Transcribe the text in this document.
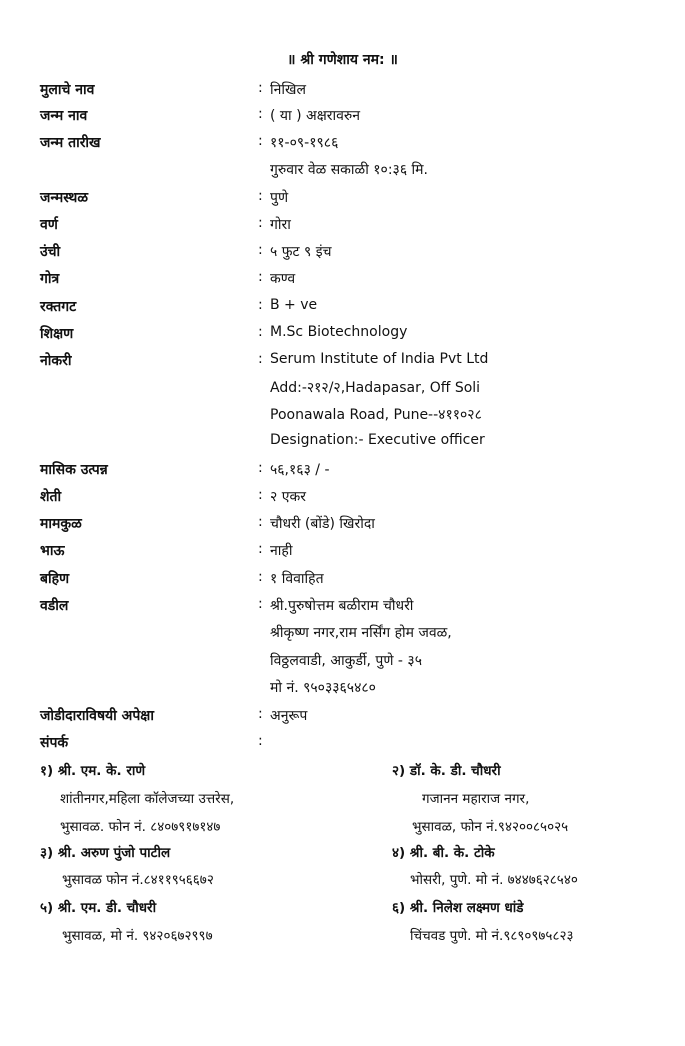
॥ श्री गणेशाय नम: ॥
मुलाचे नाव	: निखिल
जन्म नाव	: ( या ) अक्षरावरुन
जन्म तारीख	: ११-०९-१९८६
गुरुवार वेळ सकाळी १०:३६ मि.
जन्मस्थळ	: पुणे
वर्ण	: गोरा
उंची	: ५ फुट ९ इंच
गोत्र	: कण्व
रक्तगट	: B + ve
शिक्षण	: M.Sc Biotechnology
नोकरी	: Serum Institute of India Pvt Ltd
Add:-२१२/२,Hadapasar, Off Soli
Poonawala Road, Pune--४११०२८
Designation:- Executive officer
मासिक उत्पन्न	: ५६,१६३ / -
शेती	: २ एकर
मामकुळ	: चौधरी (बोंडे) खिरोदा
भाऊ	: नाही
बहिण	: १ विवाहित
वडील	: श्री.पुरुषोत्तम बळीराम चौधरी
श्रीकृष्ण नगर,राम नर्सिंग होम जवळ,
विठ्ठलवाडी, आकुर्डी, पुणे - ३५
मो नं. ९५०३३६५४८०
जोडीदाराविषयी अपेक्षा	: अनुरूप
संपर्क	:
१) श्री. एम. के. राणे
शांतीनगर,महिला कॉलेजच्या उत्तरेस,
भुसावळ. फोन नं. ८४०७९१७१४७
२) डॉ. के. डी. चौधरी
गजानन महाराज नगर,
भुसावळ, फोन नं.९४२००८५०२५
३) श्री. अरुण पुंजो पाटील
भुसावळ फोन नं.८४११९५६६७२
४) श्री. बी. के. टोके
भोसरी, पुणे. मो नं. ७४४७६२८५४०
५) श्री. एम. डी. चौधरी
भुसावळ, मो नं. ९४२०६७२९९७
६) श्री. निलेश लक्ष्मण धांडे
चिंचवड पुणे. मो नं.९८९०९७५८२३
